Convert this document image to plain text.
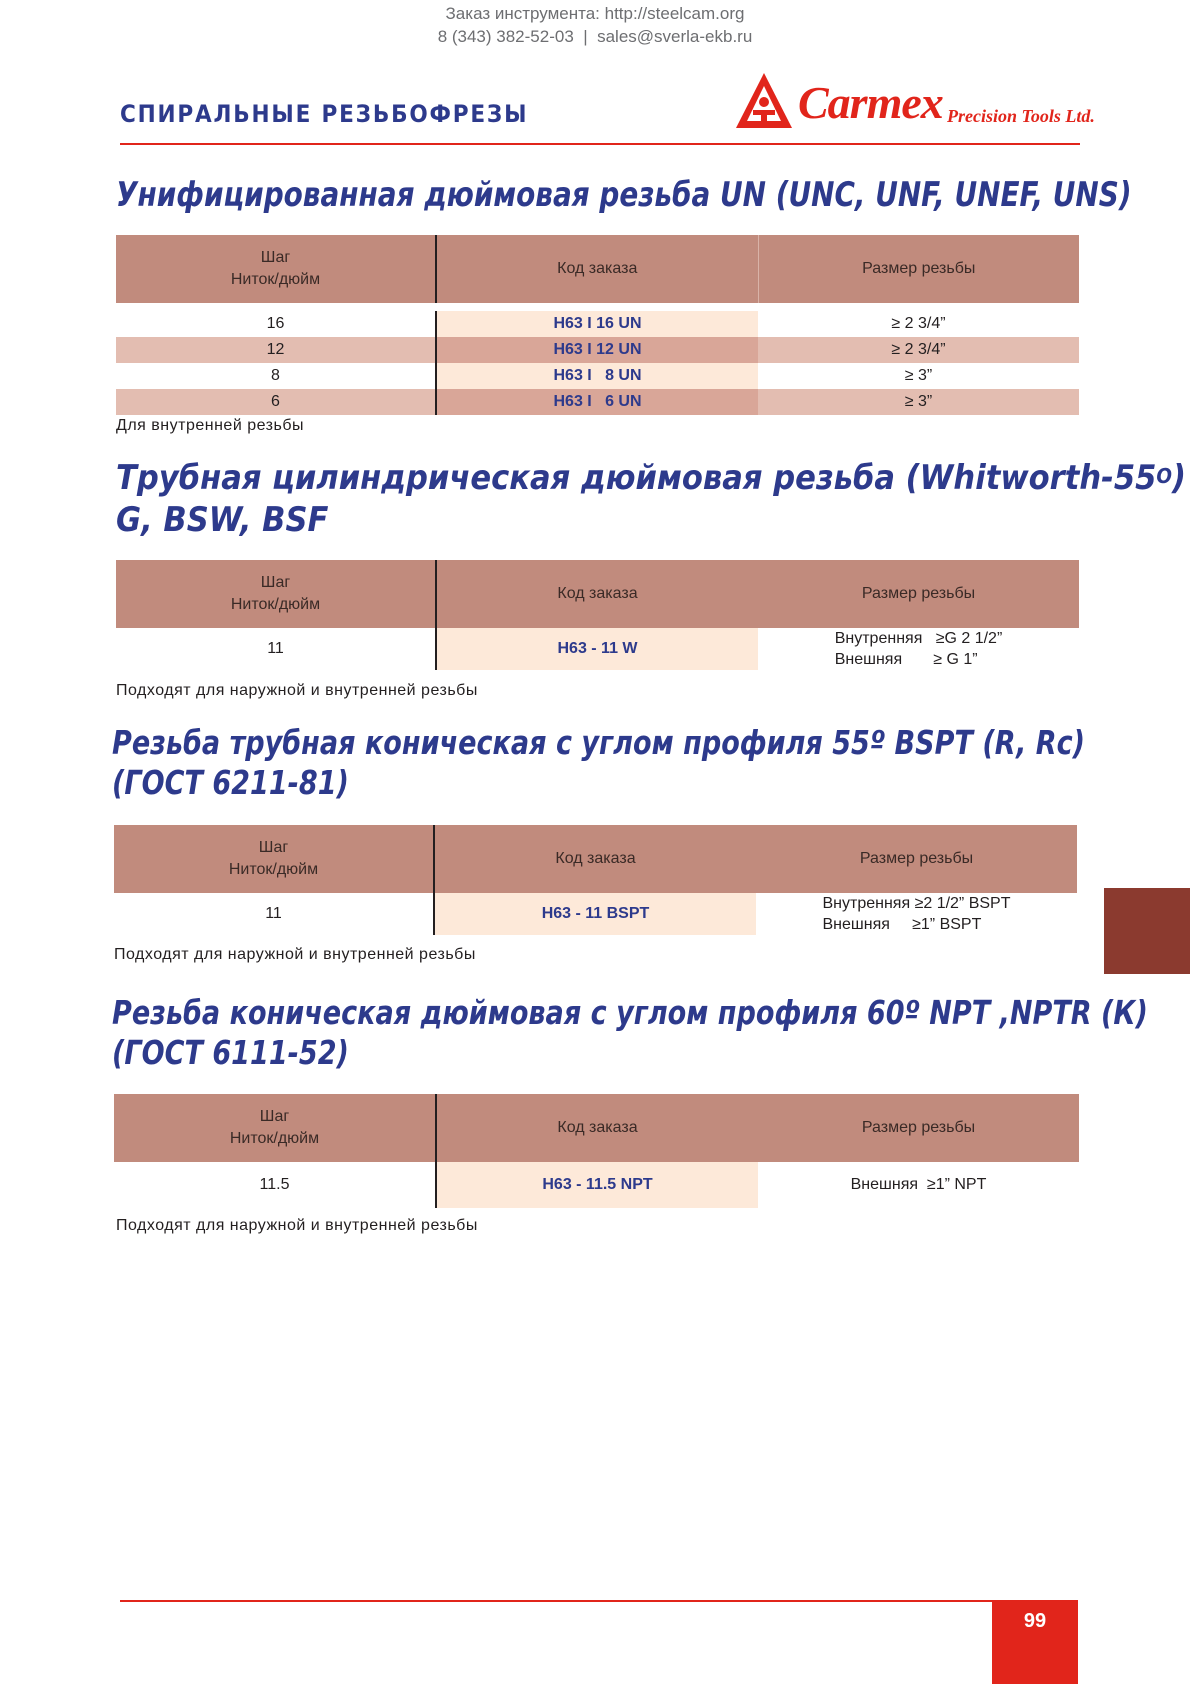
Заказ инструмента: http://steelcam.org
8 (343) 382-52-03  |  sales@sverla-ekb.ru
СПИРАЛЬНЫЕ РЕЗЬБОФРЕЗЫ	Carmex Precision Tools Ltd.
Унифицированная дюймовая резьба UN (UNC, UNF, UNEF, UNS)
Шаг
Ниток/дюйм	Код заказа	Размер резьбы

16	H63 I 16 UN	≥ 2 3/4”
12	H63 I 12 UN	≥ 2 3/4”
8	H63 I   8 UN	≥ 3”
6	H63 I   6 UN	≥ 3”
Для внутренней резьбы
Трубная цилиндрическая дюймовая резьба $(Whitworth-55^O)$
G, BSW, BSF
Шаг
Ниток/дюйм	Код заказа	Размер резьбы
11	H63 - 11 W	Внутренняя   ≥G 2 1/2”
Внешняя       ≥ G 1”
Подходят для наружной и внутренней резьбы
Резьба трубная коническая с углом профиля 55º BSPT (R, Rc)
(ГОСТ 6211-81)
Шаг
Ниток/дюйм	Код заказа	Размер резьбы
11	H63 - 11 BSPT	Внутренняя ≥2 1/2” BSPT
Внешняя     ≥1” BSPT
Подходят для наружной и внутренней резьбы
Резьба коническая дюймовая с углом профиля 60º NPT ,NPTR (К)
(ГОСТ 6111-52)
Шаг
Ниток/дюйм	Код заказа	Размер резьбы
11.5	H63 - 11.5 NPT	Внешняя  ≥1” NPT
Подходят для наружной и внутренней резьбы
99
